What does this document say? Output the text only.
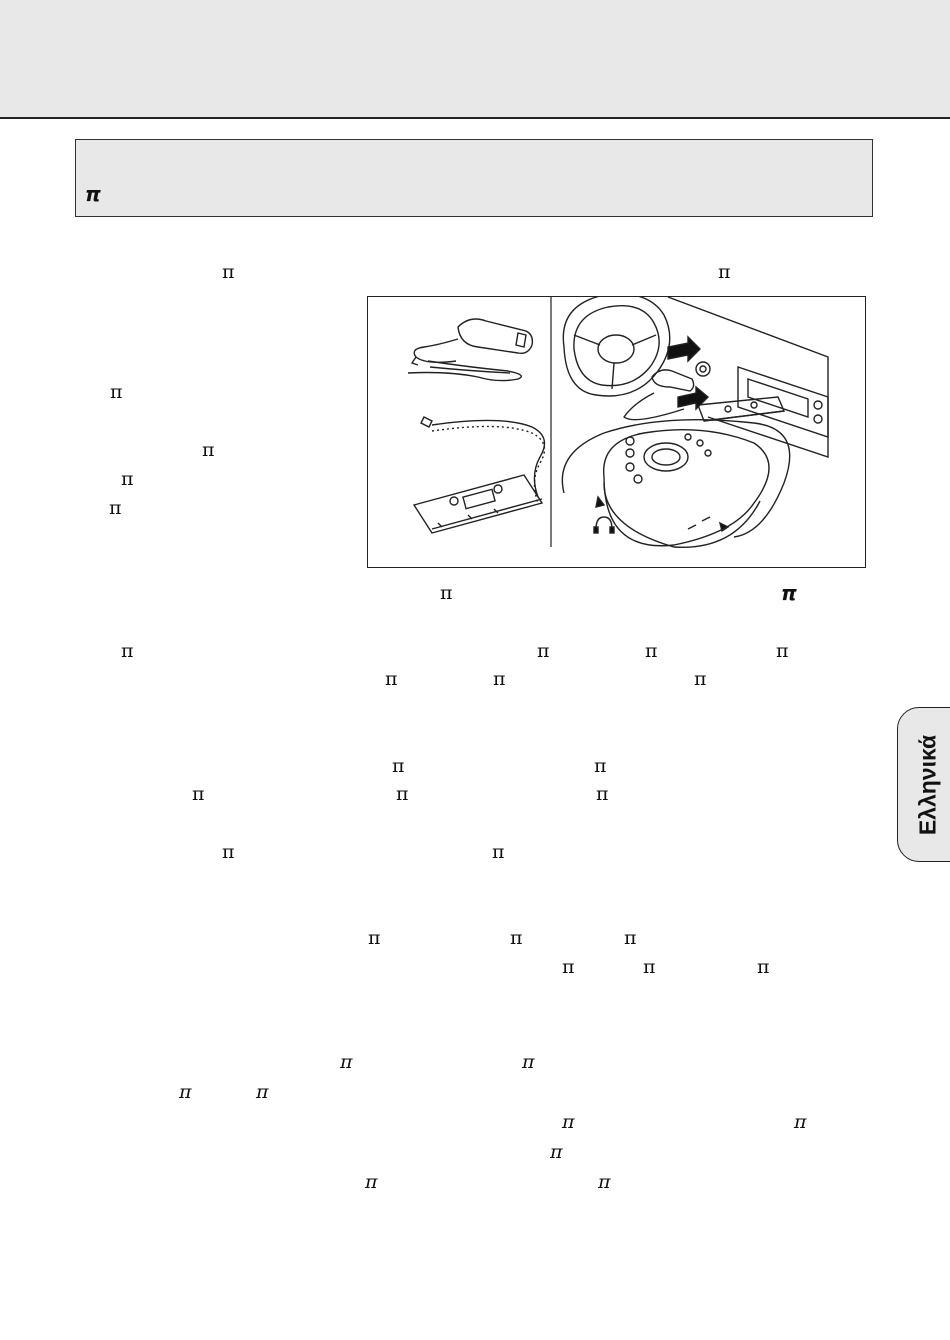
π
π	π
π
π
π
π
π	π
π	π	π	π
π	π	π
π	π
π	π	π
π	π
π	π	π
π	π	π
π	π
π	π
π	π
π
π	π
Ελληνικά
